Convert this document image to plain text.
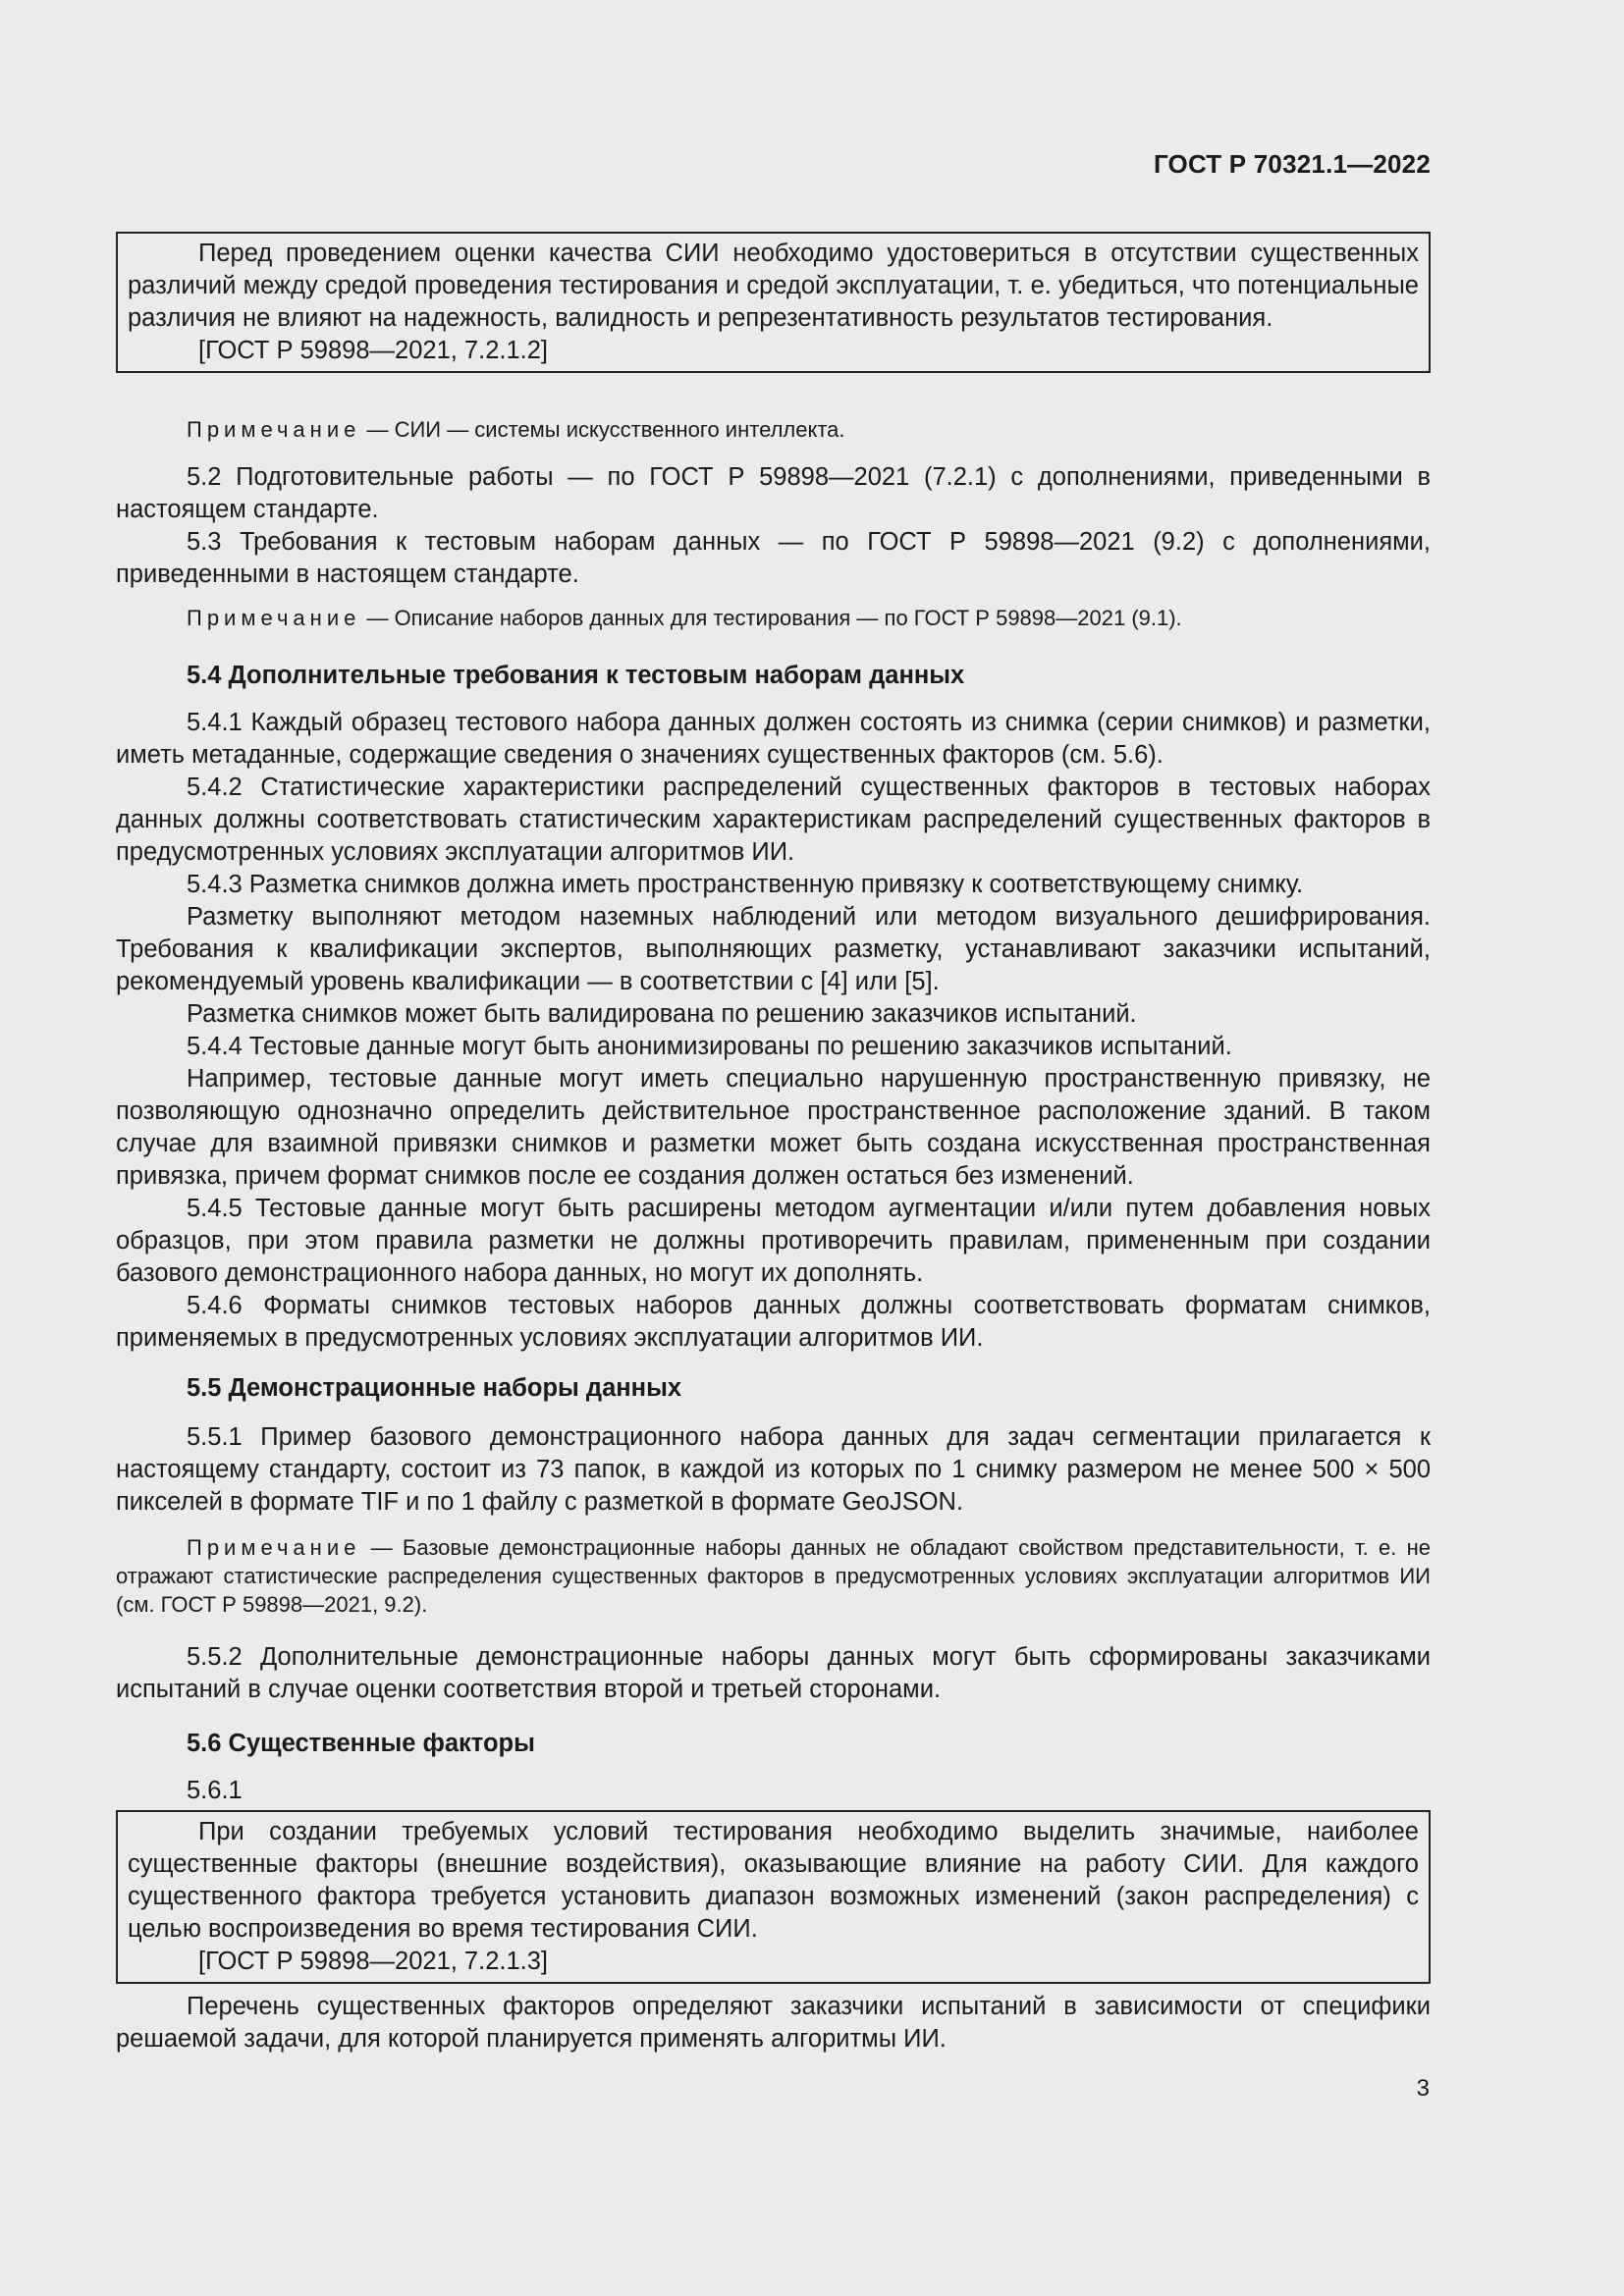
ГОСТ Р 70321.1—2022

Перед проведением оценки качества СИИ необходимо удостовериться в отсутствии существенных различий между средой проведения тестирования и средой эксплуатации, т. е. убедиться, что потенциальные различия не влияют на надежность, валидность и репрезентативность результатов тестирования.

[ГОСТ Р 59898—2021, 7.2.1.2]

Примечание — СИИ — системы искусственного интеллекта.

5.2 Подготовительные работы — по ГОСТ Р 59898—2021 (7.2.1) с дополнениями, приведенными в настоящем стандарте.

5.3 Требования к тестовым наборам данных — по ГОСТ Р 59898—2021 (9.2) с дополнениями, приведенными в настоящем стандарте.

Примечание — Описание наборов данных для тестирования — по ГОСТ Р 59898—2021 (9.1).

5.4 Дополнительные требования к тестовым наборам данных

5.4.1 Каждый образец тестового набора данных должен состоять из снимка (серии снимков) и разметки, иметь метаданные, содержащие сведения о значениях существенных факторов (см. 5.6).

5.4.2 Статистические характеристики распределений существенных факторов в тестовых наборах данных должны соответствовать статистическим характеристикам распределений существенных факторов в предусмотренных условиях эксплуатации алгоритмов ИИ.

5.4.3 Разметка снимков должна иметь пространственную привязку к соответствующему снимку.

Разметку выполняют методом наземных наблюдений или методом визуального дешифрирования. Требования к квалификации экспертов, выполняющих разметку, устанавливают заказчики испытаний, рекомендуемый уровень квалификации — в соответствии с [4] или [5].

Разметка снимков может быть валидирована по решению заказчиков испытаний.

5.4.4 Тестовые данные могут быть анонимизированы по решению заказчиков испытаний.

Например, тестовые данные могут иметь специально нарушенную пространственную привязку, не позволяющую однозначно определить действительное пространственное расположение зданий. В таком случае для взаимной привязки снимков и разметки может быть создана искусственная пространственная привязка, причем формат снимков после ее создания должен остаться без изменений.

5.4.5 Тестовые данные могут быть расширены методом аугментации и/или путем добавления новых образцов, при этом правила разметки не должны противоречить правилам, примененным при создании базового демонстрационного набора данных, но могут их дополнять.

5.4.6 Форматы снимков тестовых наборов данных должны соответствовать форматам снимков, применяемых в предусмотренных условиях эксплуатации алгоритмов ИИ.

5.5 Демонстрационные наборы данных

5.5.1 Пример базового демонстрационного набора данных для задач сегментации прилагается к настоящему стандарту, состоит из 73 папок, в каждой из которых по 1 снимку размером не менее 500 × 500 пикселей в формате TIF и по 1 файлу с разметкой в формате GeoJSON.

Примечание — Базовые демонстрационные наборы данных не обладают свойством представительности, т. е. не отражают статистические распределения существенных факторов в предусмотренных условиях эксплуатации алгоритмов ИИ (см. ГОСТ Р 59898—2021, 9.2).

5.5.2 Дополнительные демонстрационные наборы данных могут быть сформированы заказчиками испытаний в случае оценки соответствия второй и третьей сторонами.

5.6 Существенные факторы

5.6.1

При создании требуемых условий тестирования необходимо выделить значимые, наиболее существенные факторы (внешние воздействия), оказывающие влияние на работу СИИ. Для каждого существенного фактора требуется установить диапазон возможных изменений (закон распределения) с целью воспроизведения во время тестирования СИИ.

[ГОСТ Р 59898—2021, 7.2.1.3]

Перечень существенных факторов определяют заказчики испытаний в зависимости от специфики решаемой задачи, для которой планируется применять алгоритмы ИИ.

3
